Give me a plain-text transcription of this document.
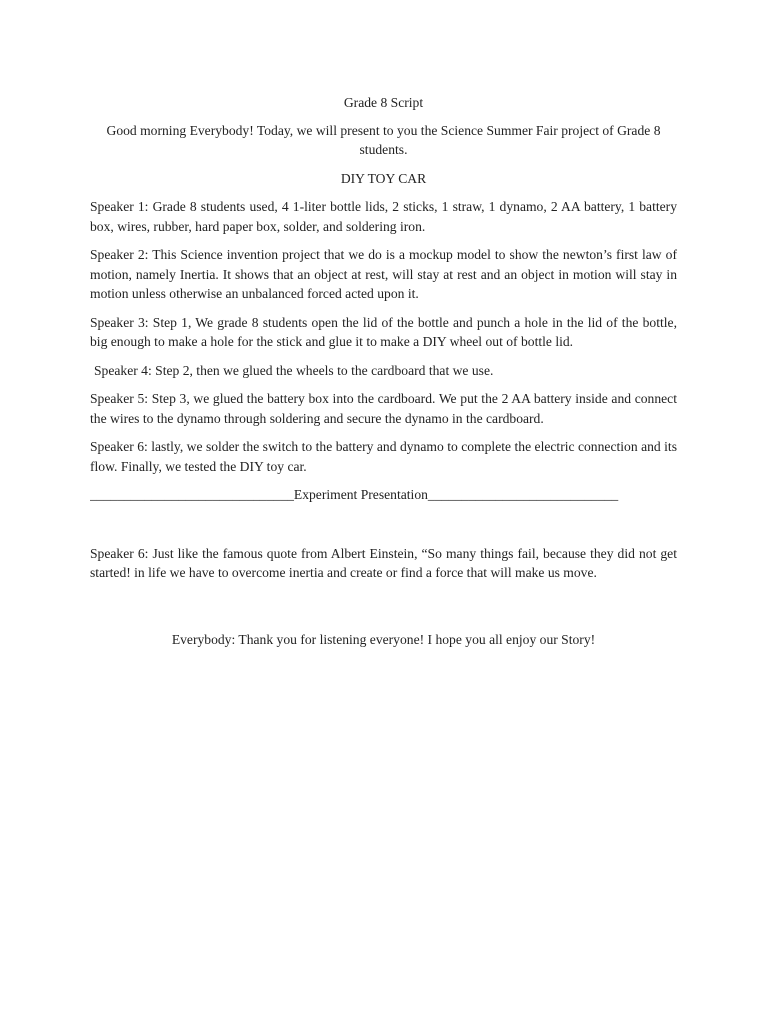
Grade 8 Script

Good morning Everybody! Today, we will present to you the Science Summer Fair project of Grade 8 students.

DIY TOY CAR

Speaker 1: Grade 8 students used, 4 1-liter bottle lids, 2 sticks, 1 straw, 1 dynamo, 2 AA battery, 1 battery box, wires, rubber, hard paper box, solder, and soldering iron.

Speaker 2: This Science invention project that we do is a mockup model to show the newton’s first law of motion, namely Inertia. It shows that an object at rest, will stay at rest and an object in motion will stay in motion unless otherwise an unbalanced forced acted upon it.

Speaker 3: Step 1, We grade 8 students open the lid of the bottle and punch a hole in the lid of the bottle, big enough to make a hole for the stick and glue it to make a DIY wheel out of bottle lid.

Speaker 4: Step 2, then we glued the wheels to the cardboard that we use.

Speaker 5: Step 3, we glued the battery box into the cardboard. We put the 2 AA battery inside and connect the wires to the dynamo through soldering and secure the dynamo in the cardboard.

Speaker 6: lastly, we solder the switch to the battery and dynamo to complete the electric connection and its flow. Finally, we tested the DIY toy car.

______________________________Experiment Presentation____________________________

Speaker 6: Just like the famous quote from Albert Einstein, “So many things fail, because they did not get started! in life we have to overcome inertia and create or find a force that will make us move.

Everybody: Thank you for listening everyone! I hope you all enjoy our Story!
